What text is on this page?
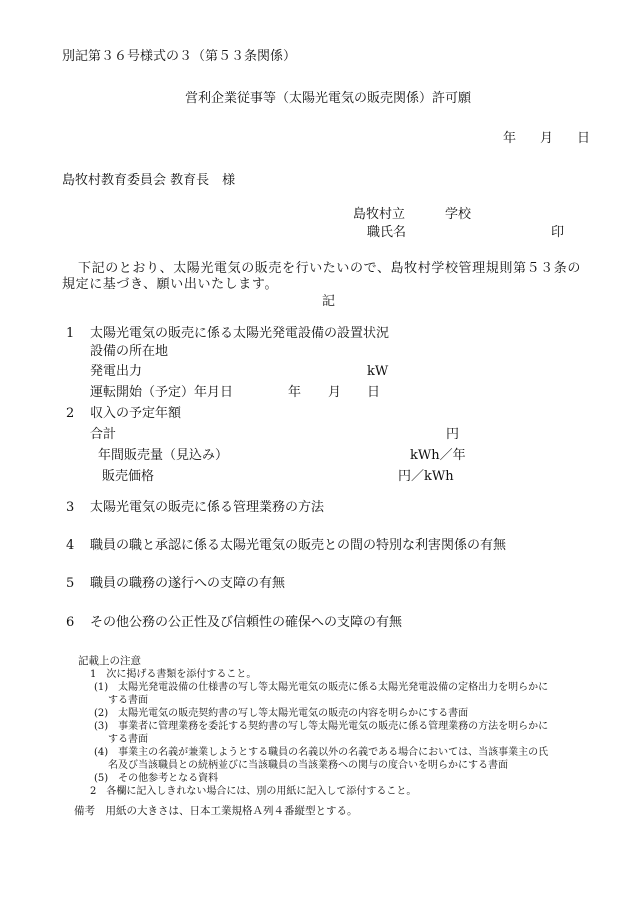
別記第３６号様式の３（第５３条関係）
営利企業従事等（太陽光電気の販売関係）許可願
年 月 日
島牧村教育委員会 教育長　様
島牧村立	学校
職氏名	印
下記のとおり、太陽光電気の販売を行いたいので、島牧村学校管理規則第５３条の
規定に基づき、願い出いたします。
記
1 太陽光電気の販売に係る太陽光発電設備の設置状況
設備の所在地
発電出力	kW
運転開始（予定）年月日	年 月 日
2 収入の予定年額
合計	円
年間販売量（見込み）	kWh／年
販売価格	円／kWh
3 太陽光電気の販売に係る管理業務の方法
4 職員の職と承認に係る太陽光電気の販売との間の特別な利害関係の有無
5 職員の職務の遂行への支障の有無
6 その他公務の公正性及び信頼性の確保への支障の有無
記載上の注意
1　次に掲げる書類を添付すること。
(1)　太陽光発電設備の仕様書の写し等太陽光電気の販売に係る太陽光発電設備の定格出力を明らかに
する書面
(2)　太陽光電気の販売契約書の写し等太陽光電気の販売の内容を明らかにする書面
(3)　事業者に管理業務を委託する契約書の写し等太陽光電気の販売に係る管理業務の方法を明らかに
する書面
(4)　事業主の名義が兼業しようとする職員の名義以外の名義である場合においては、当該事業主の氏
名及び当該職員との続柄並びに当該職員の当該業務への関与の度合いを明らかにする書面
(5)　その他参考となる資料
2　各欄に記入しきれない場合には、別の用紙に記入して添付すること。
備考　用紙の大きさは、日本工業規格Ａ列４番縦型とする。
